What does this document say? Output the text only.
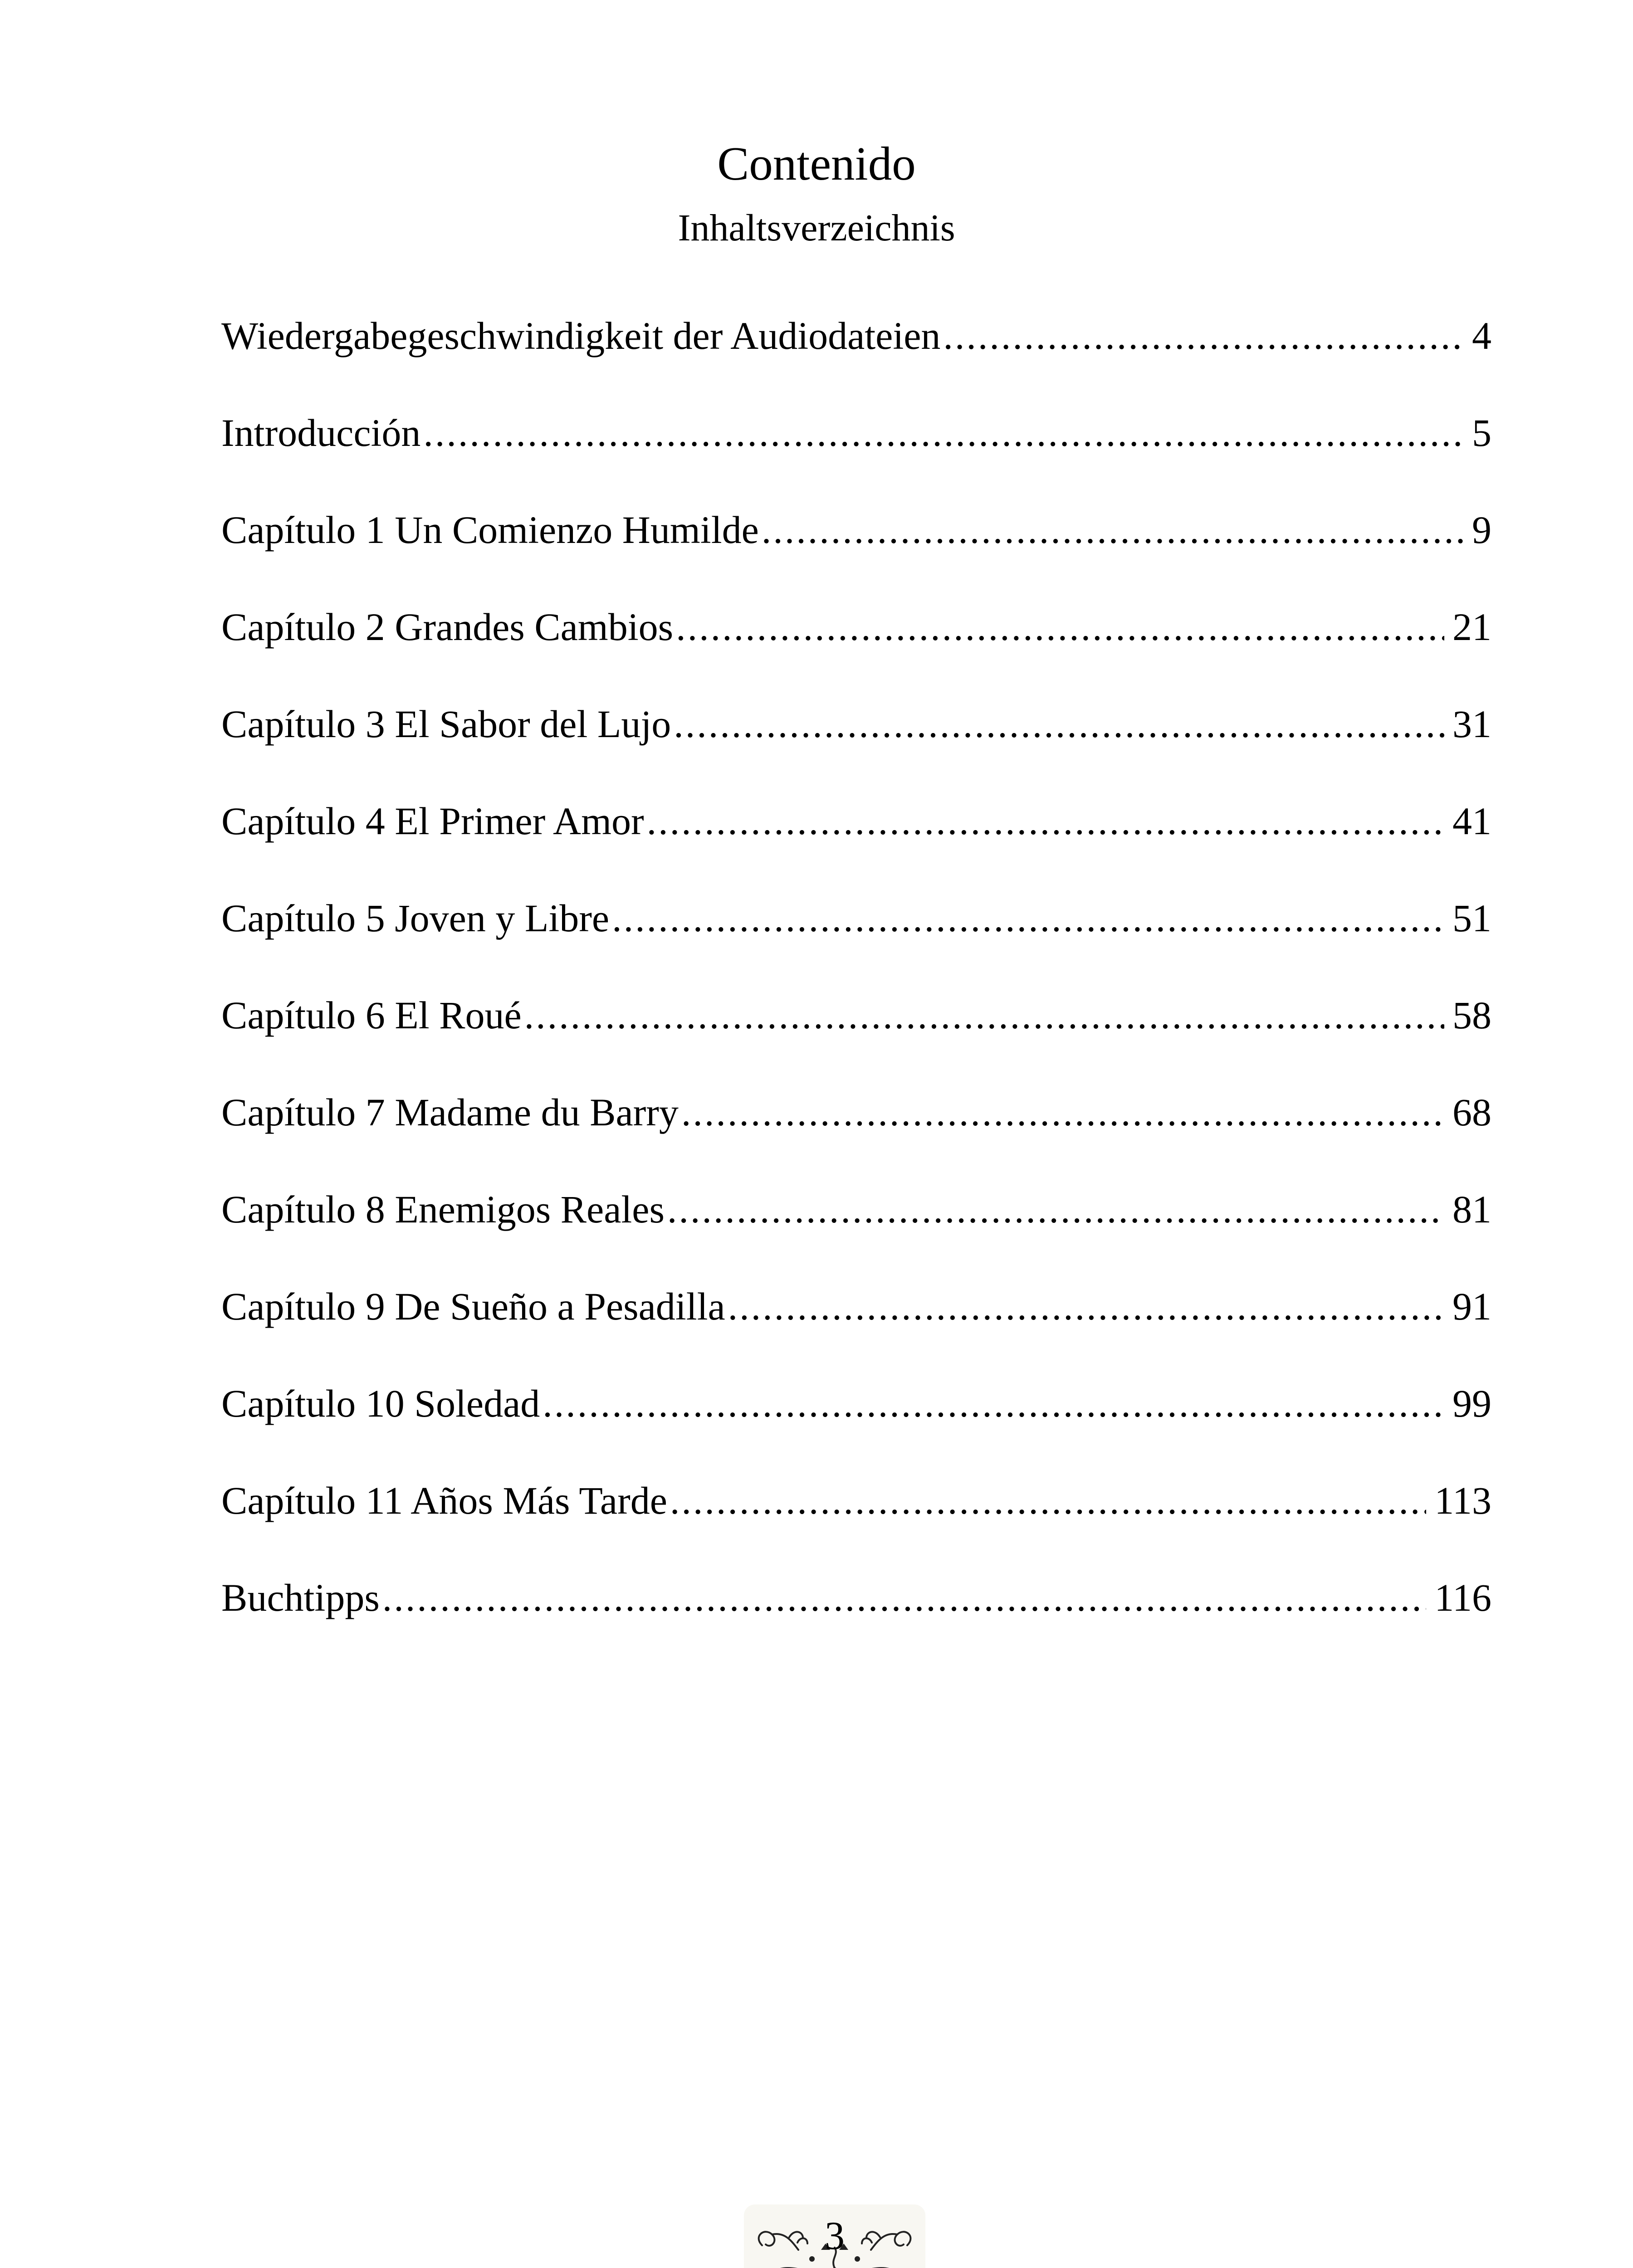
Contenido
Inhaltsverzeichnis
Wiedergabegeschwindigkeit der Audiodateien .....	4
Introducción .....	5
Capítulo 1 Un Comienzo Humilde .....	9
Capítulo 2 Grandes Cambios .....	21
Capítulo 3 El Sabor del Lujo .....	31
Capítulo 4 El Primer Amor .....	41
Capítulo 5 Joven y Libre .....	51
Capítulo 6 El Roué .....	58
Capítulo 7 Madame du Barry .....	68
Capítulo 8 Enemigos Reales .....	81
Capítulo 9 De Sueño a Pesadilla .....	91
Capítulo 10 Soledad .....	99
Capítulo 11 Años Más Tarde .....	113
Buchtipps .....	116
3
